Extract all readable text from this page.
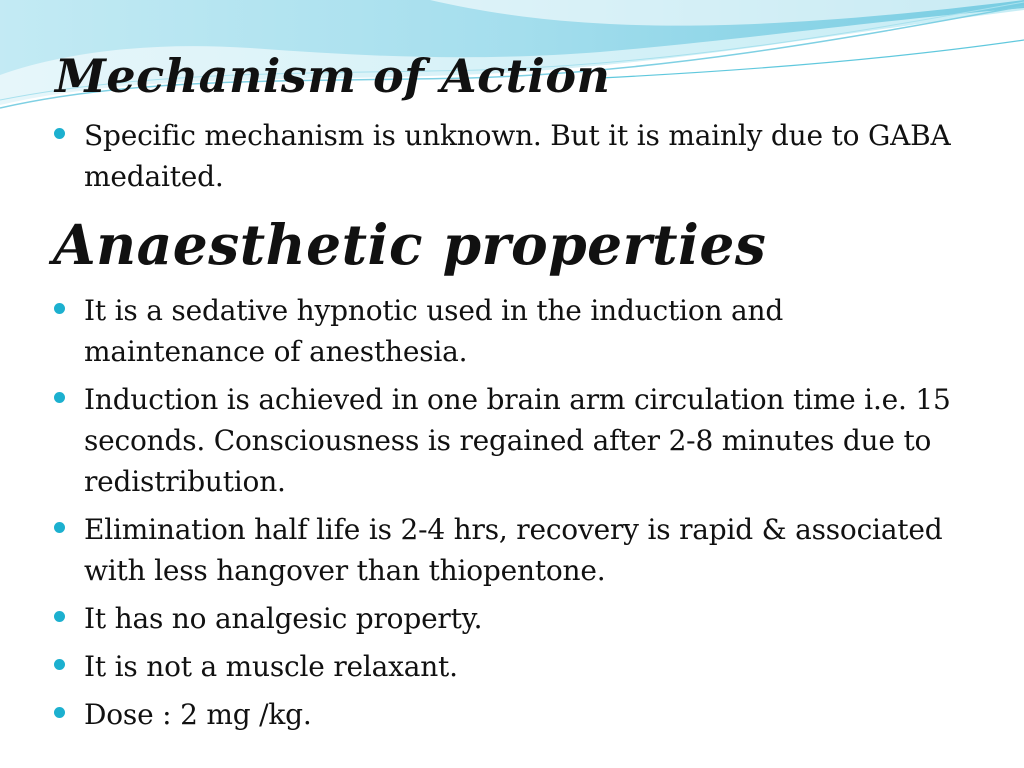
Mechanism of Action
Specific mechanism is unknown. But it is mainly due to GABA medaited.
Anaesthetic properties
It is a sedative hypnotic used in the induction and maintenance of anesthesia.
Induction is achieved in one brain arm circulation time i.e. 15 seconds. Consciousness is regained after 2-8 minutes due to redistribution.
Elimination half life is 2-4 hrs, recovery is rapid & associated with less hangover than thiopentone.
It has no analgesic property.
It is not a muscle relaxant.
Dose : 2 mg /kg.
